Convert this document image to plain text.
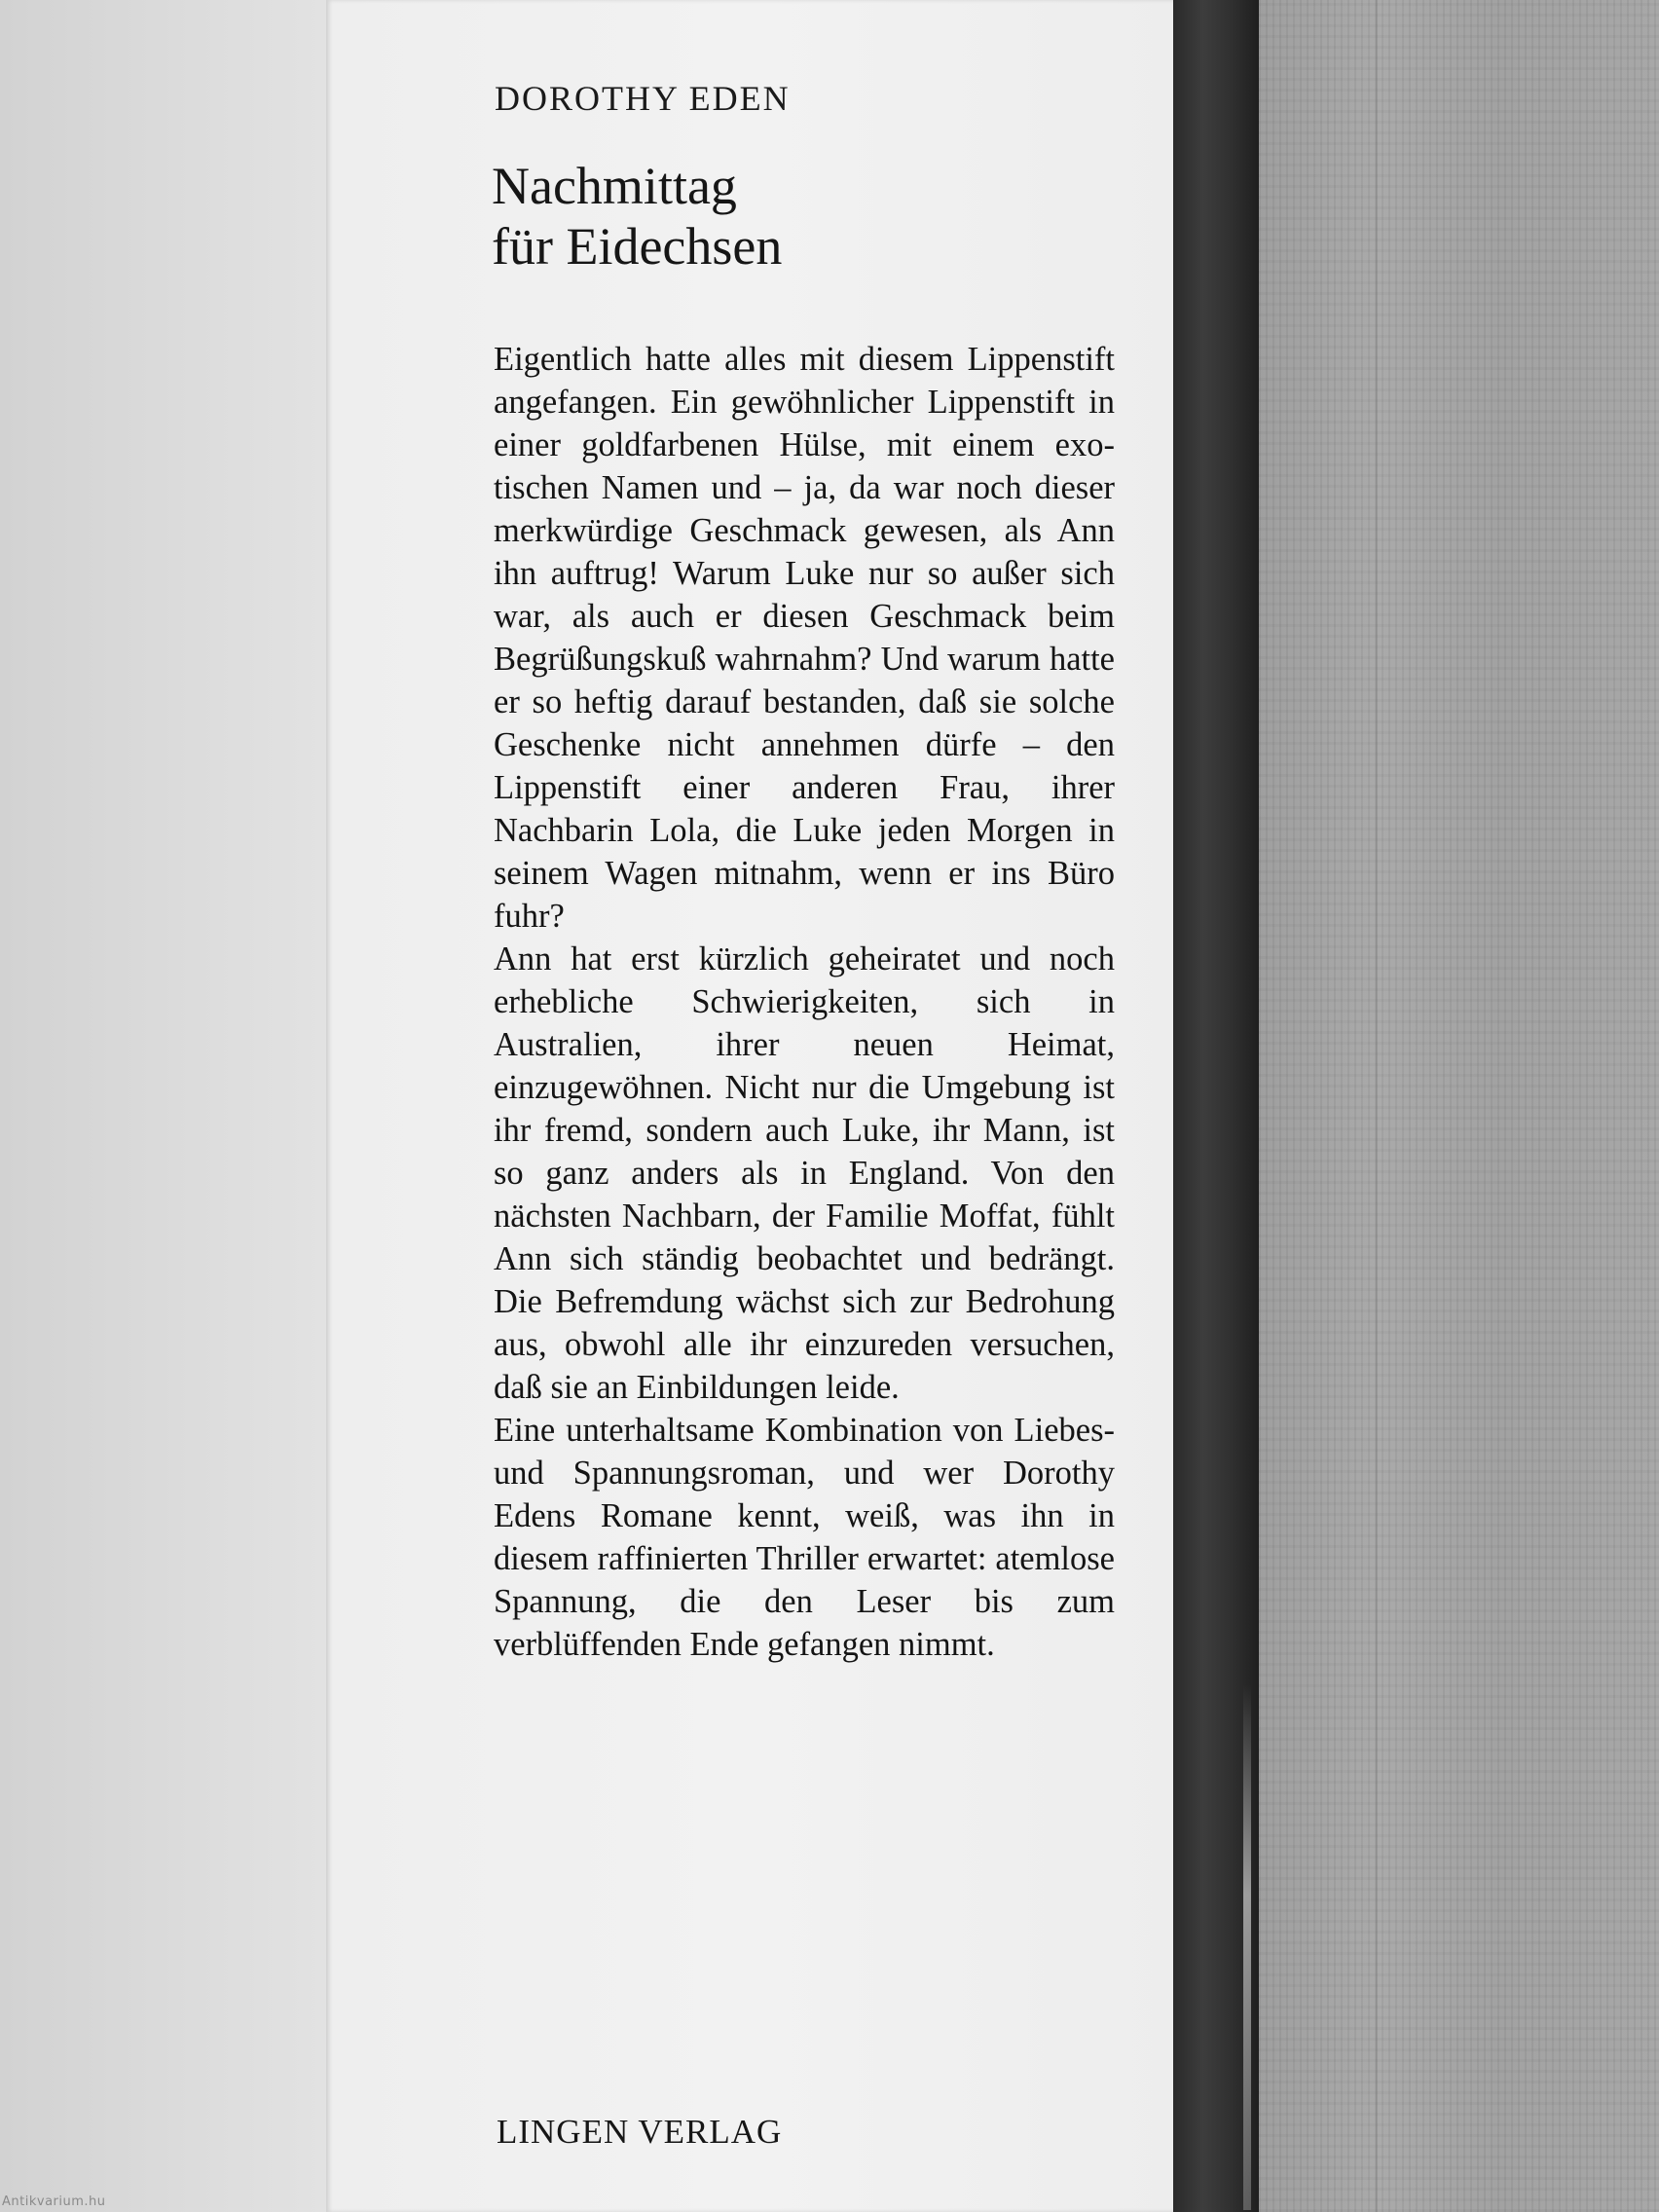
DOROTHY EDEN
Nachmittag
für Eidechsen

Eigentlich hatte alles mit diesem Lippenstift angefangen. Ein gewöhnlicher Lippenstift in einer goldfarbenen Hülse, mit einem exotischen Namen und – ja, da war noch dieser merkwürdige Geschmack gewesen, als Ann ihn auftrug! Warum Luke nur so außer sich war, als auch er diesen Geschmack beim Begrüßungskuß wahrnahm? Und warum hatte er so heftig darauf bestanden, daß sie solche Geschenke nicht annehmen dürfe – den Lippenstift einer anderen Frau, ihrer Nachbarin Lola, die Luke jeden Morgen in seinem Wagen mitnahm, wenn er ins Büro fuhr?

Ann hat erst kürzlich geheiratet und noch erhebliche Schwierigkeiten, sich in Australien, ihrer neuen Heimat, einzugewöhnen. Nicht nur die Umgebung ist ihr fremd, sondern auch Luke, ihr Mann, ist so ganz anders als in England. Von den nächsten Nachbarn, der Familie Moffat, fühlt Ann sich ständig beobachtet und bedrängt. Die Befremdung wächst sich zur Bedrohung aus, obwohl alle ihr einzureden versuchen, daß sie an Einbildungen leide.

Eine unterhaltsame Kombination von Liebes- und Spannungsroman, und wer Dorothy Edens Romane kennt, weiß, was ihn in diesem raffinierten Thriller erwartet: atemlose Spannung, die den Leser bis zum verblüffenden Ende gefangen nimmt.

LINGEN VERLAG
Antikvarium.hu
